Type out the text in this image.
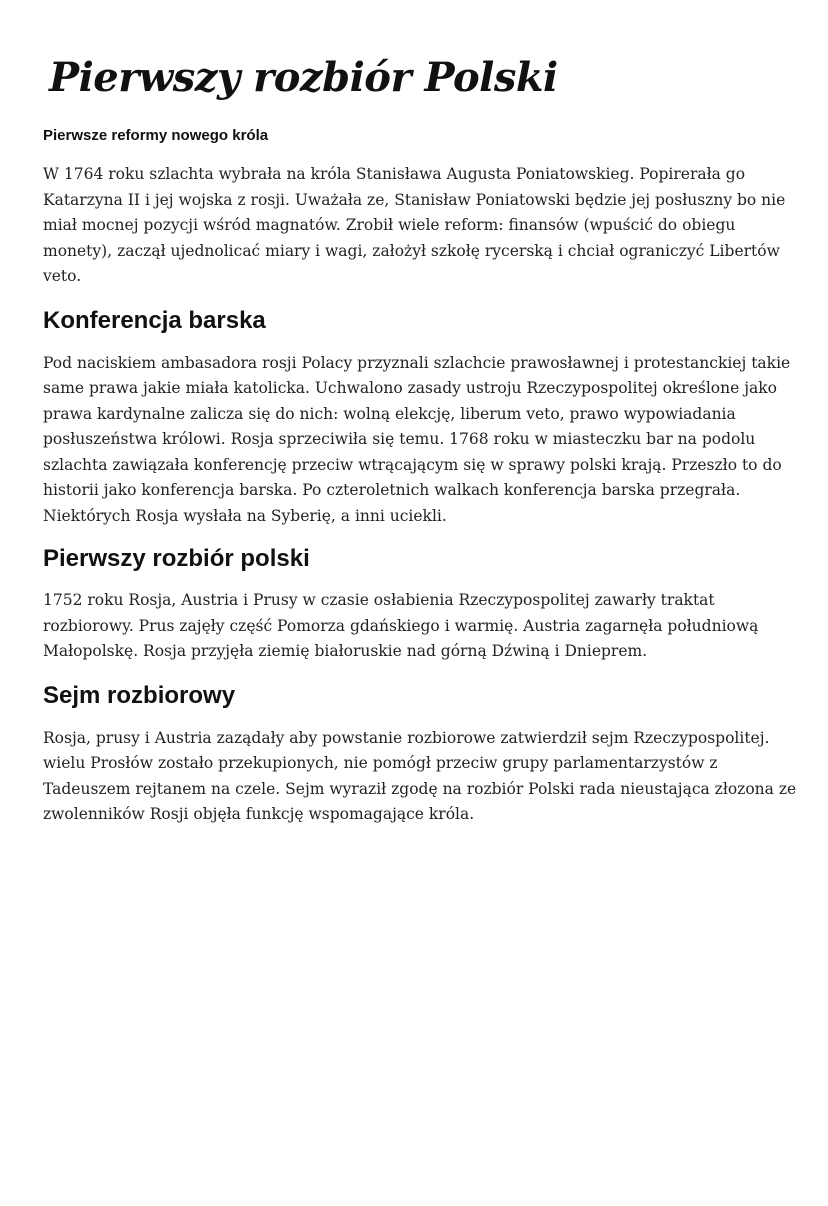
Pierwszy rozbiór Polski
Pierwsze reformy nowego króla

W 1764 roku szlachta wybrała na króla Stanisława Augusta Poniatowskieg. Popirerała go Katarzyna II i jej wojska z rosji. Uważała ze, Stanisław Poniatowski będzie jej posłuszny bo nie miał mocnej pozycji wśród magnatów. Zrobił wiele reform: finansów (wpuścić do obiegu monety), zaczął ujednolicać miary i wagi, założył szkołę rycerską i chciał ograniczyć Libertów veto.

Konferencja barska

Pod naciskiem ambasadora rosji Polacy przyznali szlachcie prawosławnej i protestanckiej takie same prawa jakie miała katolicka. Uchwalono zasady ustroju Rzeczypospolitej określone jako prawa kardynalne zalicza się do nich: wolną elekcję, liberum veto, prawo wypowiadania posłuszeństwa królowi. Rosja sprzeciwiła się temu. 1768 roku w miasteczku bar na podolu szlachta zawiązała konferencję przeciw wtrącającym się w sprawy polski krają. Przeszło to do historii jako konferencja barska. Po czteroletnich walkach konferencja barska przegrała. Niektórych Rosja wysłała na Syberię, a inni uciekli.

Pierwszy rozbiór polski

1752 roku Rosja, Austria i Prusy w czasie osłabienia Rzeczypospolitej zawarły traktat rozbiorowy. Prus zajęły część Pomorza gdańskiego i warmię. Austria zagarnęła południową Małopolskę. Rosja przyjęła ziemię białoruskie nad górną Dźwiną i Dnieprem.

Sejm rozbiorowy

Rosja, prusy i Austria zaządały aby powstanie rozbiorowe zatwierdził sejm Rzeczypospolitej. wielu Prosłów zostało przekupionych, nie pomógł przeciw grupy parlamentarzystów z Tadeuszem rejtanem na czele. Sejm wyraził zgodę na rozbiór Polski rada nieustająca złozona ze zwolenników Rosji objęła funkcję wspomagające króla.
